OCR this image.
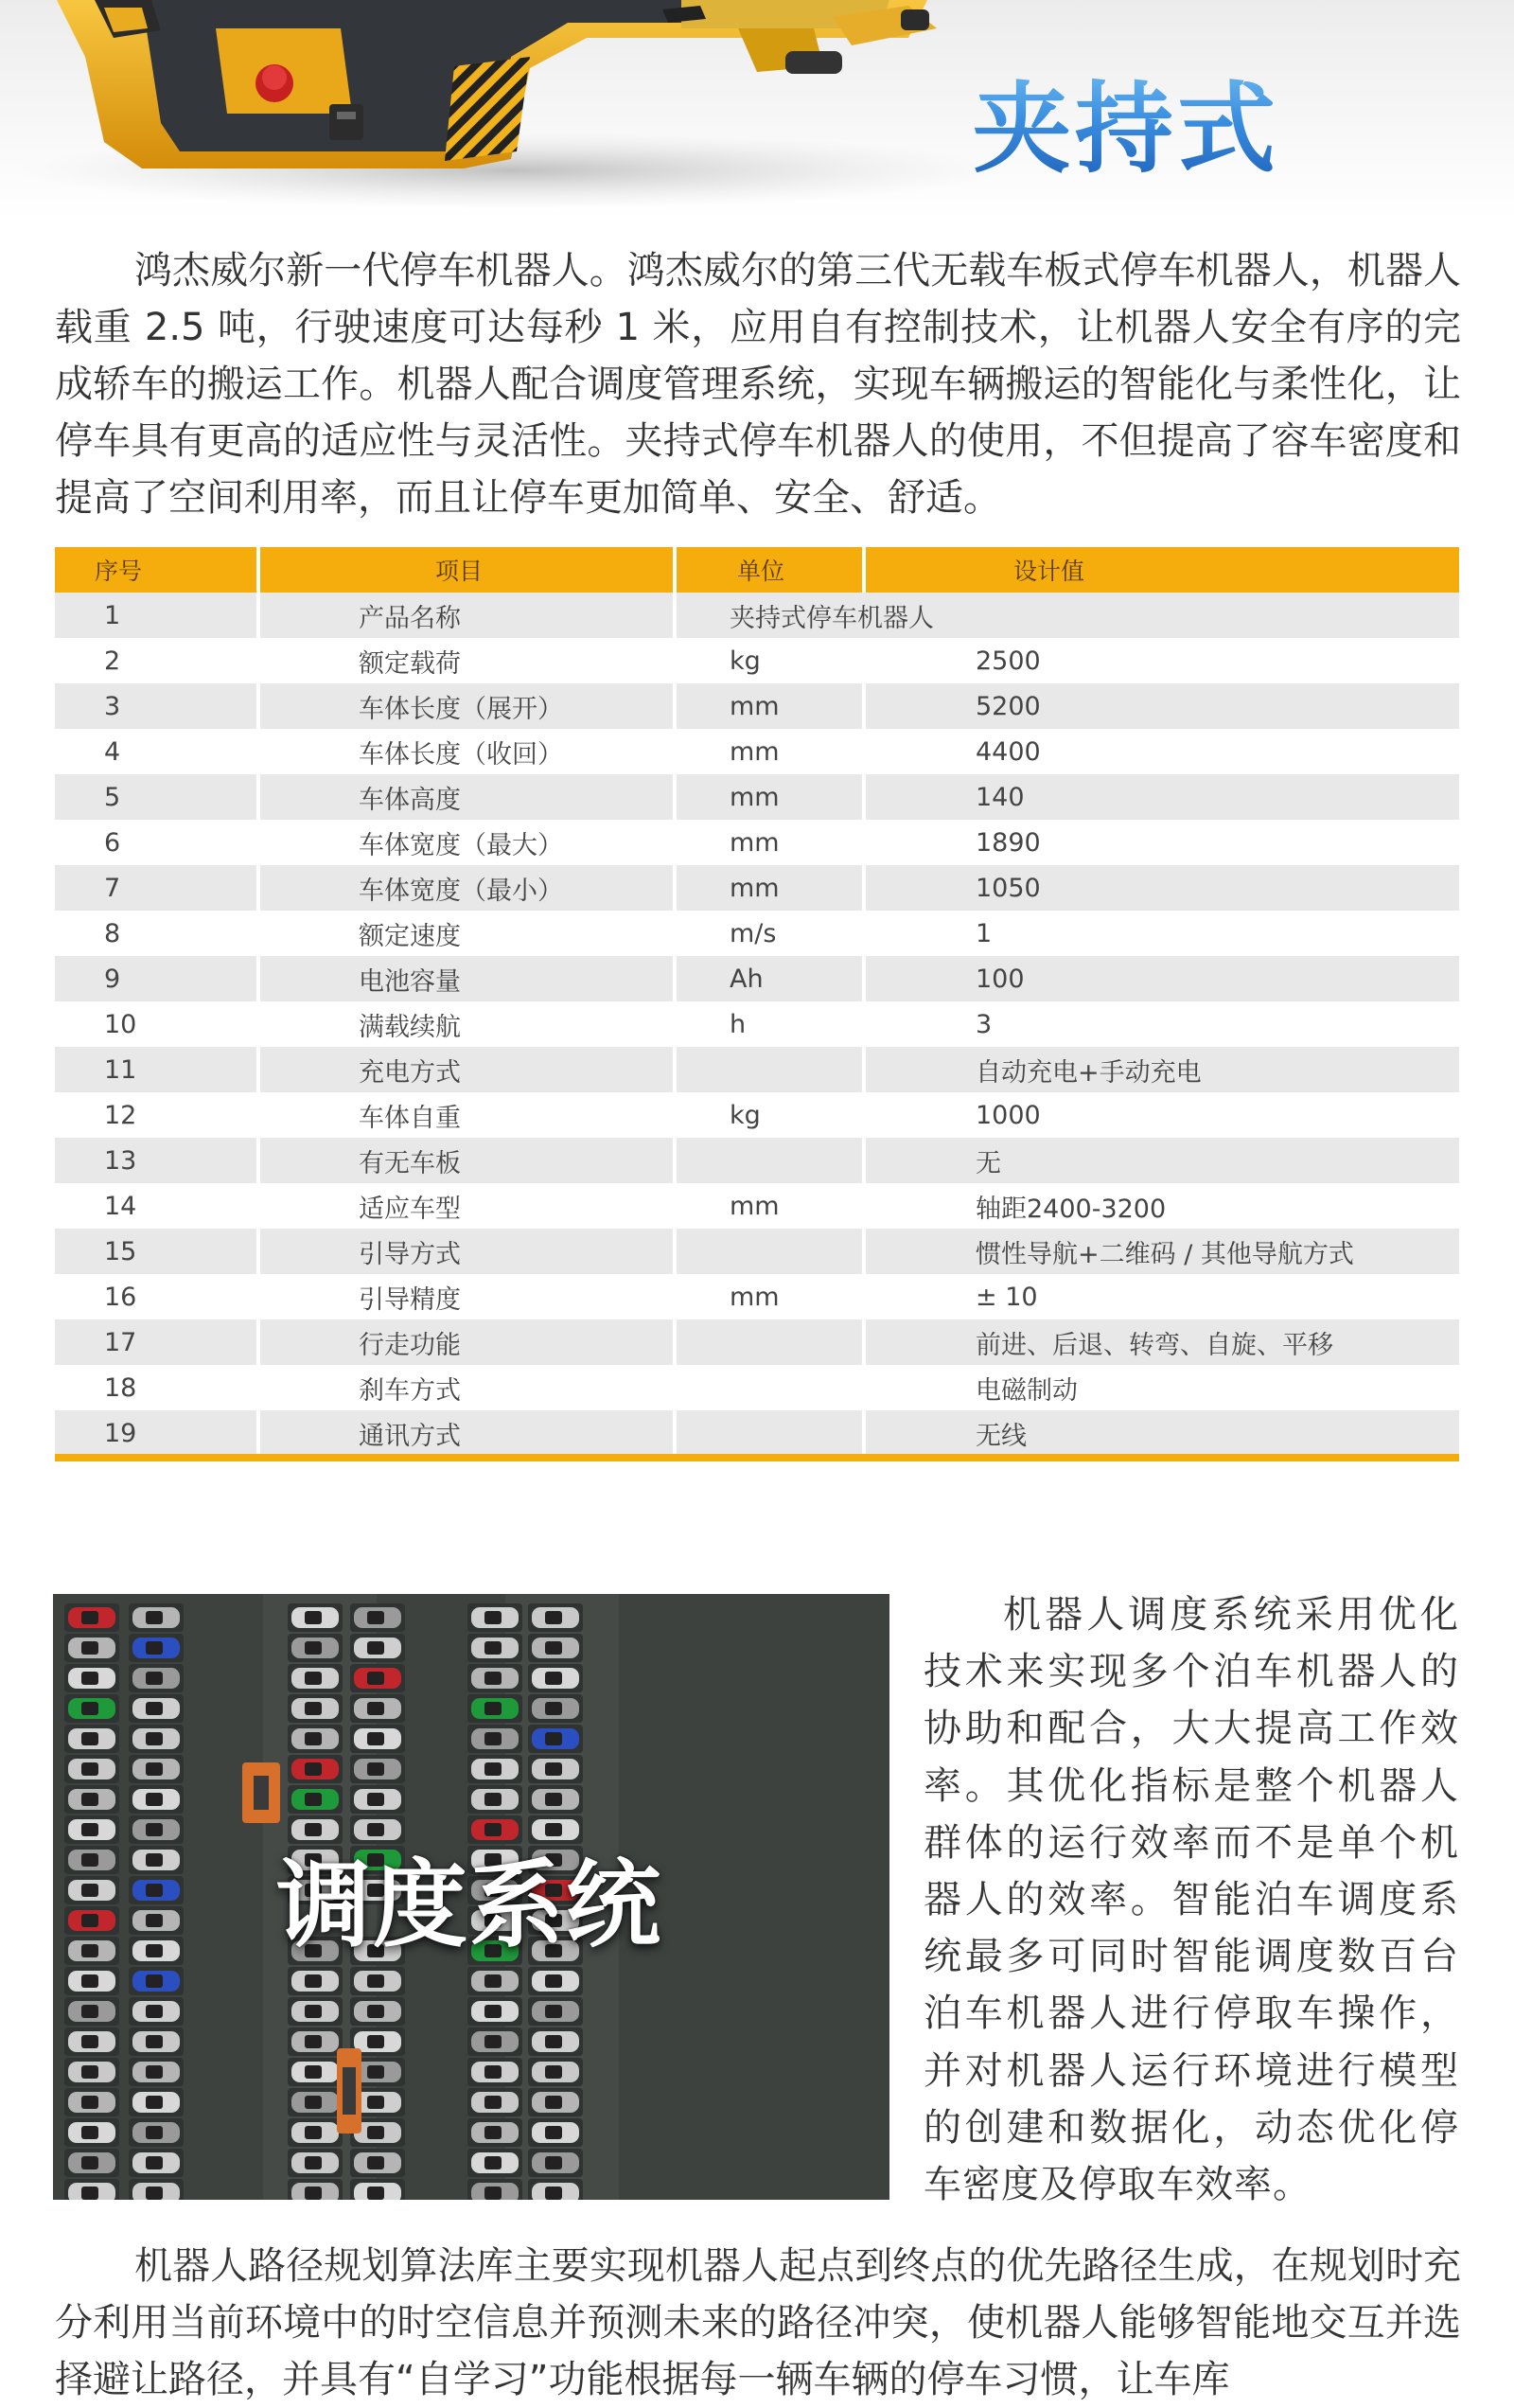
夹持式

鸿杰威尔新一代停车机器人。鸿杰威尔的第三代无载车板式停车机器人，机器人载重 2.5 吨，行驶速度可达每秒 1 米，应用自有控制技术，让机器人安全有序的完成轿车的搬运工作。机器人配合调度管理系统，实现车辆搬运的智能化与柔性化，让停车具有更高的适应性与灵活性。夹持式停车机器人的使用，不但提高了容车密度和提高了空间利用率，而且让停车更加简单、安全、舒适。

序号	项目	单位	设计值
1	产品名称	夹持式停车机器人	
2	额定载荷	kg	2500
3	车体长度（展开）	mm	5200
4	车体长度（收回）	mm	4400
5	车体高度	mm	140
6	车体宽度（最大）	mm	1890
7	车体宽度（最小）	mm	1050
8	额定速度	m/s	1
9	电池容量	Ah	100
10	满载续航	h	3
11	充电方式		自动充电+手动充电
12	车体自重	kg	1000
13	有无车板		无
14	适应车型	mm	轴距2400-3200
15	引导方式		惯性导航+二维码 / 其他导航方式
16	引导精度	mm	± 10
17	行走功能		前进、后退、转弯、自旋、平移
18	刹车方式		电磁制动
19	通讯方式		无线
调度系统

机器人调度系统采用优化技术来实现多个泊车机器人的协助和配合，大大提高工作效率。其优化指标是整个机器人群体的运行效率而不是单个机器人的效率。智能泊车调度系统最多可同时智能调度数百台泊车机器人进行停取车操作，并对机器人运行环境进行模型的创建和数据化，动态优化停车密度及停取车效率。

机器人路径规划算法库主要实现机器人起点到终点的优先路径生成，在规划时充分利用当前环境中的时空信息并预测未来的路径冲突，使机器人能够智能地交互并选择避让路径，并具有“自学习”功能根据每一辆车辆的停车习惯，让车库
